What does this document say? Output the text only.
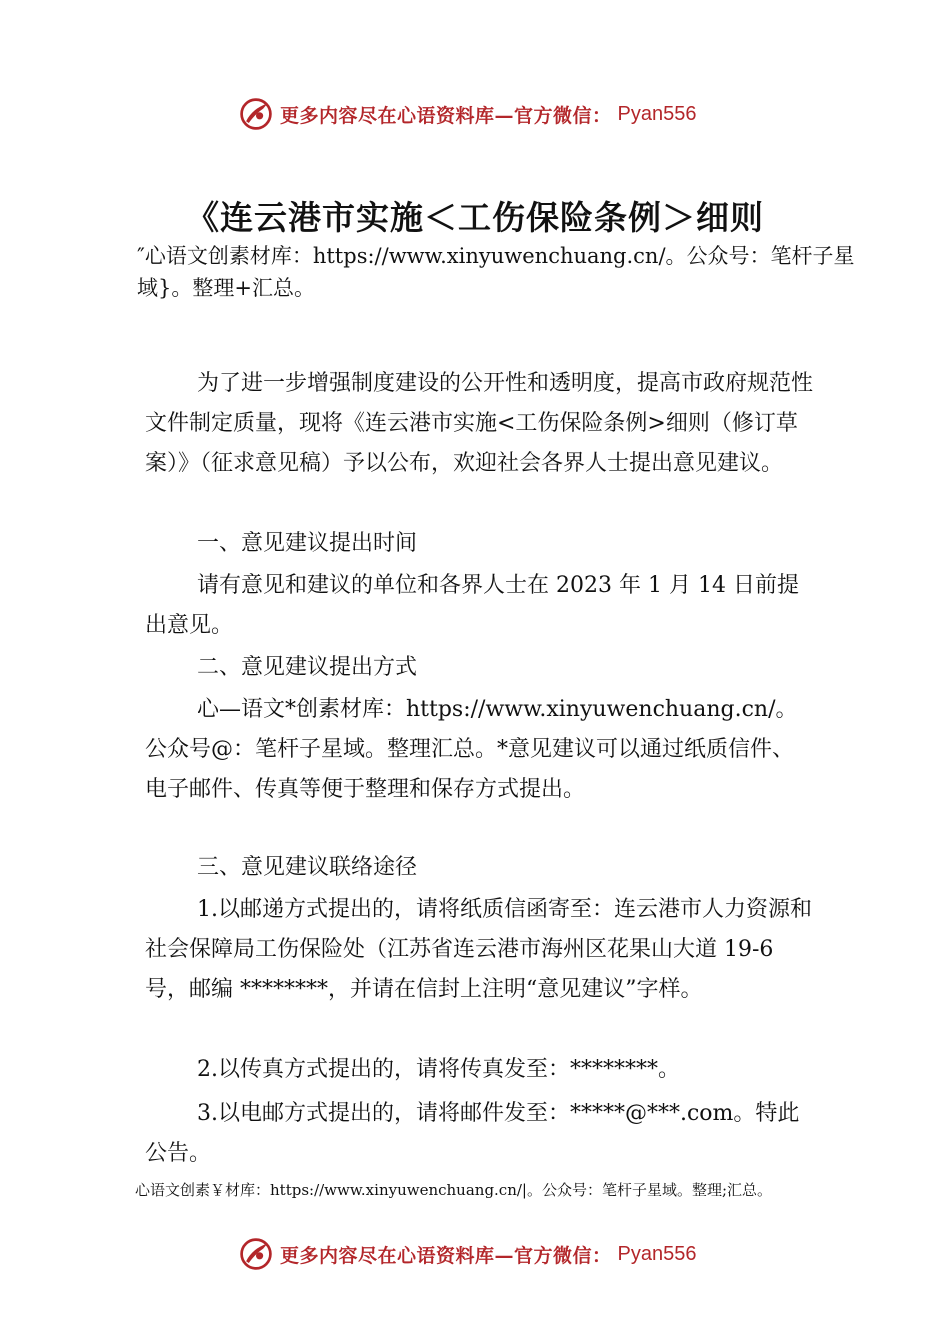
更多内容尽在心语资料库—官方微信： Pyan556
《连云港市实施＜工伤保险条例＞细则
″心语文创素材库：https://www.xinyuwenchuang.cn/。公众号：笔杆子星域}。整理+汇总。

为了进一步增强制度建设的公开性和透明度，提高市政府规范性文件制定质量，现将《连云港市实施<工伤保险条例>细则（修订草案）》（征求意见稿）予以公布，欢迎社会各界人士提出意见建议。

一、意见建议提出时间

请有意见和建议的单位和各界人士在 2023 年 1 月 14 日前提出意见。

二、意见建议提出方式

心—语文*创素材库：https://www.xinyuwenchuang.cn/。公众号@：笔杆子星域。整理汇总。*意见建议可以通过纸质信件、电子邮件、传真等便于整理和保存方式提出。

三、意见建议联络途径

1.以邮递方式提出的，请将纸质信函寄至：连云港市人力资源和社会保障局工伤保险处（江苏省连云港市海州区花果山大道 19-6 号，邮编 ********，并请在信封上注明“意见建议”字样。

2.以传真方式提出的，请将传真发至：********。

3.以电邮方式提出的，请将邮件发至：*****@***.com。特此公告。

心语文创素￥材库：https://www.xinyuwenchuang.cn/|。公众号：笔杆子星域。整理;汇总。
更多内容尽在心语资料库—官方微信： Pyan556
